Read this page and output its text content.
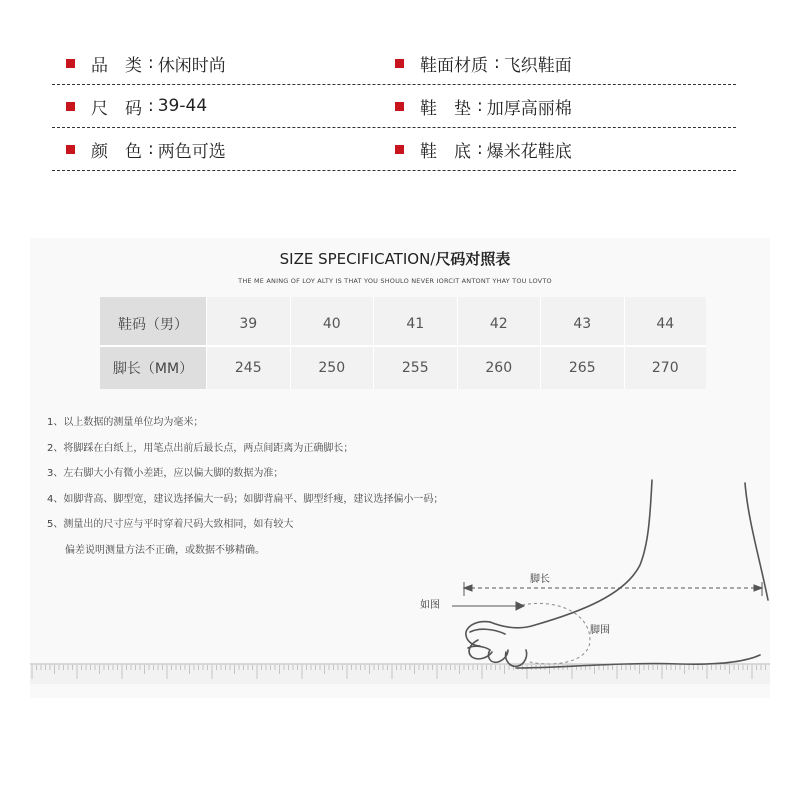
品　类 : 休闲时尚	鞋面材质 : 飞织鞋面
尺　码 : 39-44	鞋　垫 : 加厚高丽棉
颜　色 : 两色可选	鞋　底 : 爆米花鞋底
SIZE SPECIFICATION/尺码对照表
THE ME ANING OF LOY ALTY IS THAT YOU SHOULO NEVER IORCIT ANTONT YHAY TOU LOVTO
鞋码（男）	39	40	41	42	43	44
脚长（MM）	245	250	255	260	265	270
1、以上数据的测量单位均为毫米；
2、将脚踩在白纸上，用笔点出前后最长点，两点间距离为正确脚长；
3、左右脚大小有微小差距，应以偏大脚的数据为准；
4、如脚背高、脚型宽，建议选择偏大一码；如脚背扁平、脚型纤瘦，建议选择偏小一码；
5、测量出的尺寸应与平时穿着尺码大致相同，如有较大
偏差说明测量方法不正确，或数据不够精确。
脚长
如图
脚围
